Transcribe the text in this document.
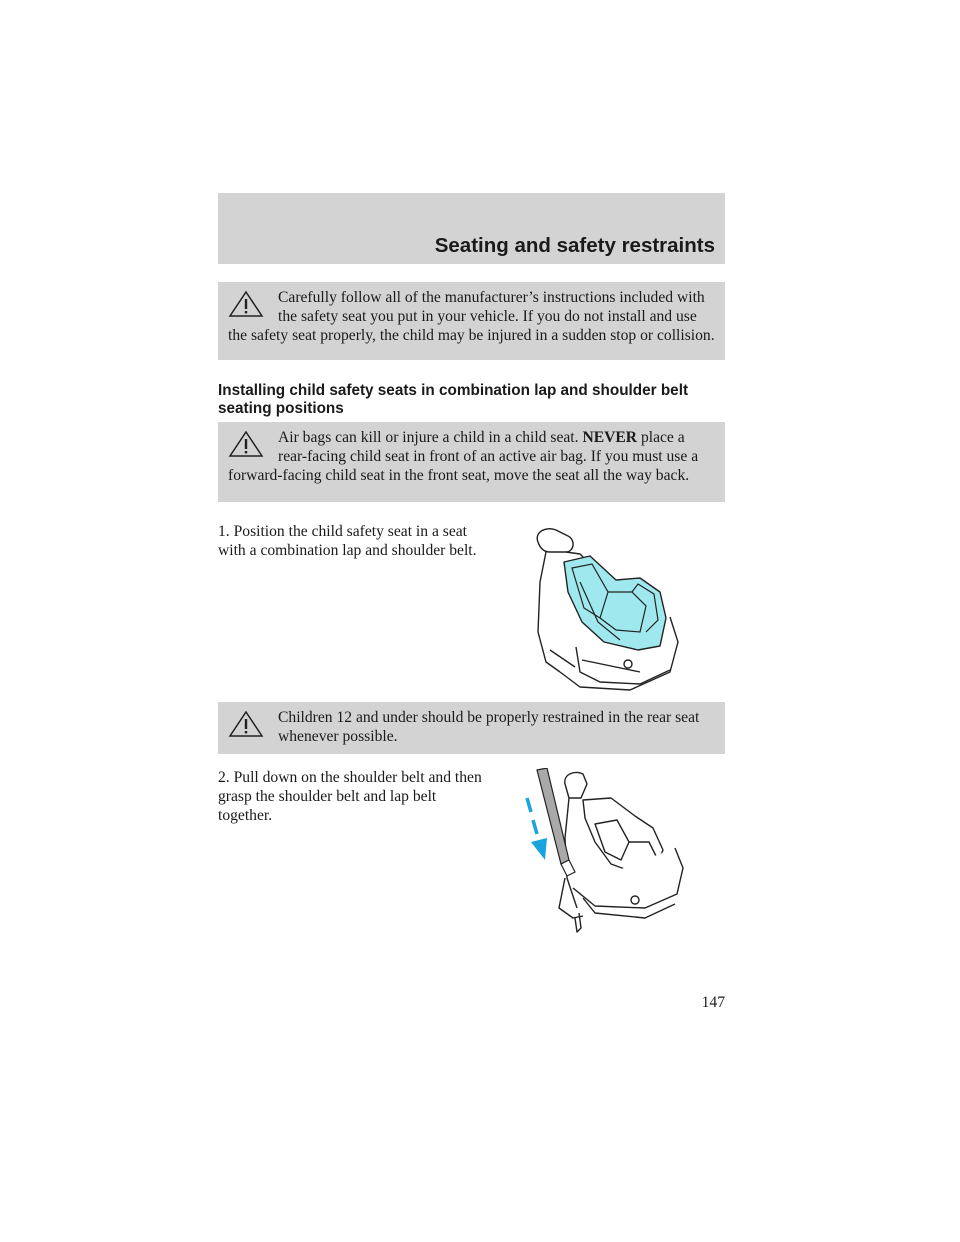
Seating and safety restraints

Carefully follow all of the manufacturer’s instructions included with the safety seat you put in your vehicle. If you do not install and use the safety seat properly, the child may be injured in a sudden stop or collision.

Installing child safety seats in combination lap and shoulder belt seating positions

Air bags can kill or injure a child in a child seat. NEVER place a rear-facing child seat in front of an active air bag. If you must use a forward-facing child seat in the front seat, move the seat all the way back.

1. Position the child safety seat in a seat with a combination lap and shoulder belt.

Children 12 and under should be properly restrained in the rear seat whenever possible.

2. Pull down on the shoulder belt and then grasp the shoulder belt and lap belt together.
147
